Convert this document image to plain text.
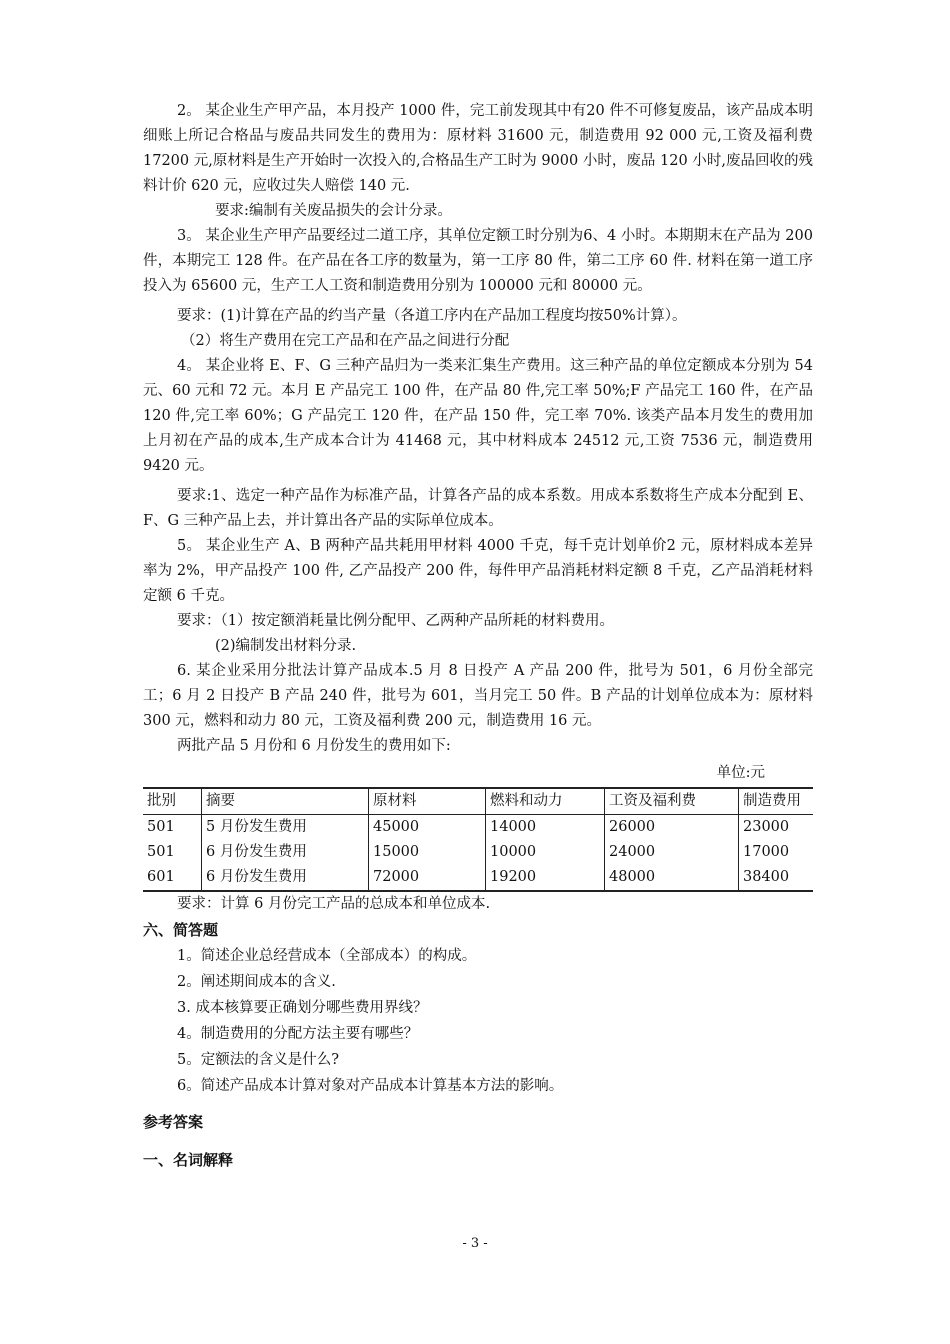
2。 某企业生产甲产品，本月投产 1000 件，完工前发现其中有20 件不可修复废品，该产品成本明细账上所记合格品与废品共同发生的费用为：原材料 31600 元，制造费用 92 000 元,工资及福利费 17200 元,原材料是生产开始时一次投入的,合格品生产工时为 9000 小时，废品 120 小时,废品回收的残料计价 620 元，应收过失人赔偿 140 元.

要求:编制有关废品损失的会计分录。

3。 某企业生产甲产品要经过二道工序，其单位定额工时分别为6、4 小时。本期期末在产品为 200 件，本期完工 128 件。在产品在各工序的数量为，第一工序 80 件，第二工序 60 件. 材料在第一道工序投入为 65600 元，生产工人工资和制造费用分别为 100000 元和 80000 元。

要求：(1)计算在产品的约当产量（各道工序内在产品加工程度均按50%计算）。

（2）将生产费用在完工产品和在产品之间进行分配

4。 某企业将 E、F、G 三种产品归为一类来汇集生产费用。这三种产品的单位定额成本分别为 54 元、60 元和 72 元。本月 E 产品完工 100 件，在产品 80 件,完工率 50%;F 产品完工 160 件，在产品 120 件,完工率 60%；G 产品完工 120 件，在产品 150 件，完工率 70%. 该类产品本月发生的费用加上月初在产品的成本,生产成本合计为 41468 元，其中材料成本 24512 元,工资 7536 元，制造费用 9420 元。

要求:1、选定一种产品作为标准产品，计算各产品的成本系数。用成本系数将生产成本分配到 E、F、G 三种产品上去，并计算出各产品的实际单位成本。

5。 某企业生产 A、B 两种产品共耗用甲材料 4000 千克，每千克计划单价2 元，原材料成本差异率为 2%，甲产品投产 100 件, 乙产品投产 200 件，每件甲产品消耗材料定额 8 千克，乙产品消耗材料定额 6 千克。

要求：（1）按定额消耗量比例分配甲、乙两种产品所耗的材料费用。

(2)编制发出材料分录.

6. 某企业采用分批法计算产品成本.5 月 8 日投产 A 产品 200 件，批号为 501，6 月份全部完工；6 月 2 日投产 B 产品 240 件，批号为 601，当月完工 50 件。B 产品的计划单位成本为：原材料 300 元，燃料和动力 80 元，工资及福利费 200 元，制造费用 16 元。

两批产品 5 月份和 6 月份发生的费用如下:

单位:元

批别	摘要	原材料	燃料和动力	工资及福利费	制造费用
501	5 月份发生费用	45000	14000	26000	23000
501	6 月份发生费用	15000	10000	24000	17000
601	6 月份发生费用	72000	19200	48000	38400

要求：计算 6 月份完工产品的总成本和单位成本.

六、简答题

1。简述企业总经营成本（全部成本）的构成。

2。阐述期间成本的含义.

3. 成本核算要正确划分哪些费用界线？

4。制造费用的分配方法主要有哪些？

5。定额法的含义是什么?

6。简述产品成本计算对象对产品成本计算基本方法的影响。

参考答案

一、名词解释

- 3 -
